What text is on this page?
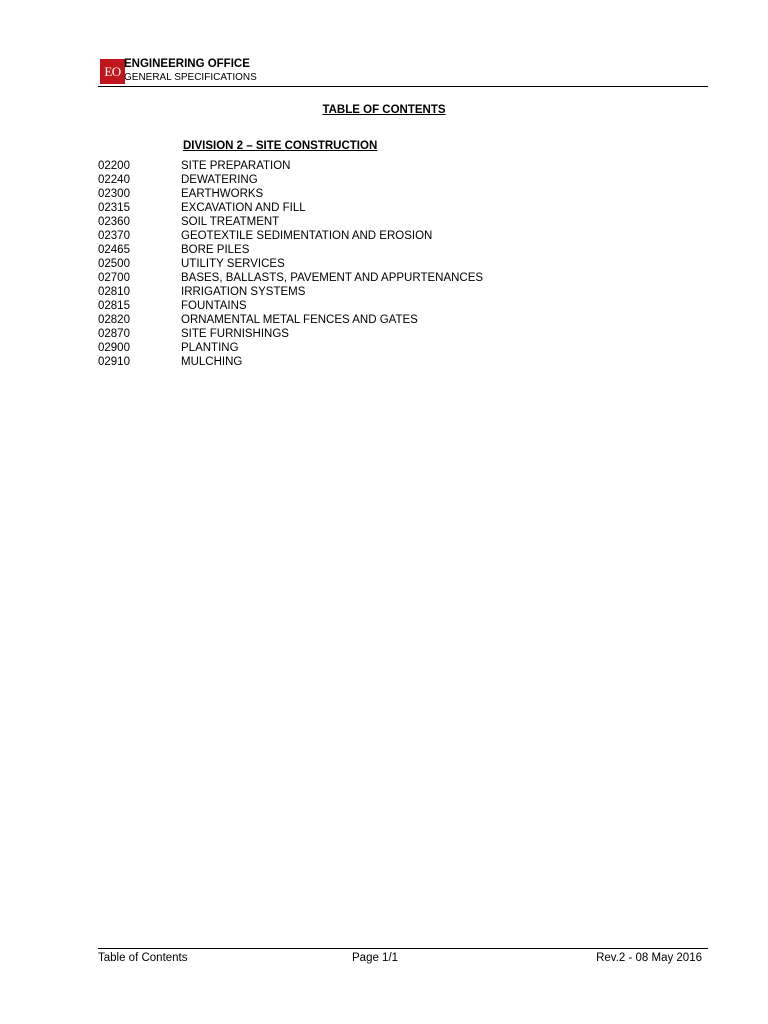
EO ENGINEERING OFFICE
GENERAL SPECIFICATIONS
TABLE OF CONTENTS
DIVISION 2 – SITE CONSTRUCTION
02200	SITE PREPARATION
02240	DEWATERING
02300	EARTHWORKS
02315	EXCAVATION AND FILL
02360	SOIL TREATMENT
02370	GEOTEXTILE SEDIMENTATION AND EROSION
02465	BORE PILES
02500	UTILITY SERVICES
02700	BASES, BALLASTS, PAVEMENT AND APPURTENANCES
02810	IRRIGATION SYSTEMS
02815	FOUNTAINS
02820	ORNAMENTAL METAL FENCES AND GATES
02870	SITE FURNISHINGS
02900	PLANTING
02910	MULCHING
Table of Contents	Page 1/1	Rev.2 - 08 May 2016
